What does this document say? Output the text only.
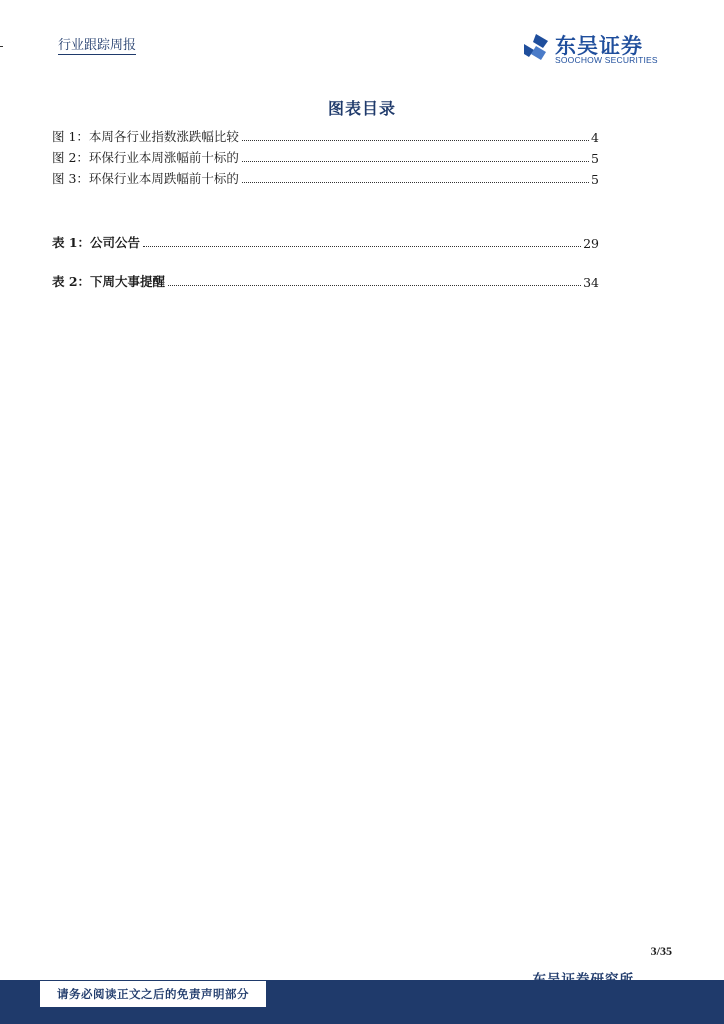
行业跟踪周报	东吴证券
SOOCHOW SECURITIES
图表目录
图 1：本周各行业指数涨跌幅比较	4
图 2：环保行业本周涨幅前十标的	5
图 3：环保行业本周跌幅前十标的	5
表 1：公司公告	29
表 2：下周大事提醒	34
3/35
请务必阅读正文之后的免责声明部分
